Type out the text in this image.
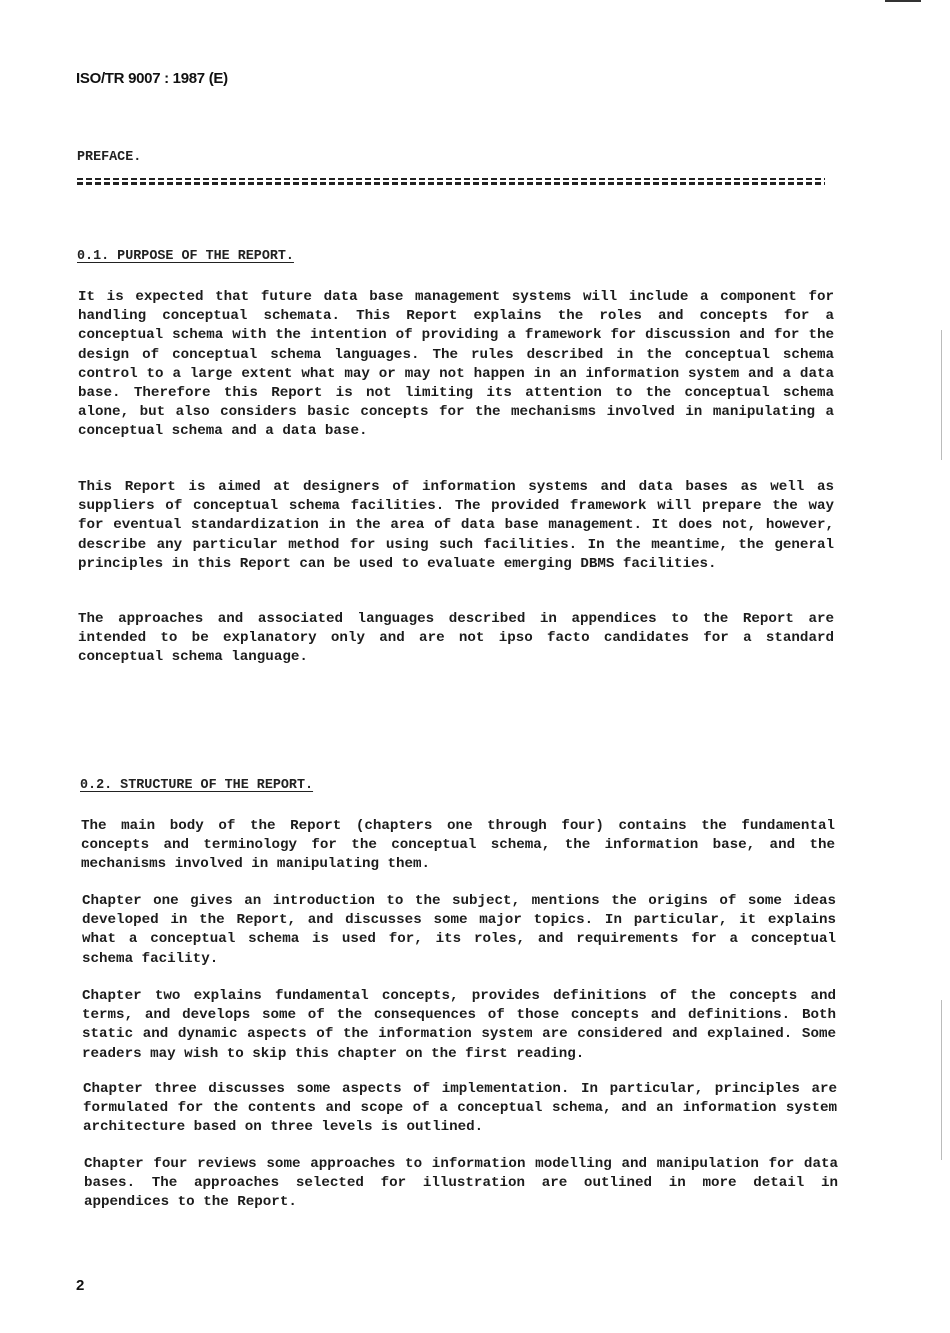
ISO/TR 9007 : 1987 (E)
PREFACE.
0.1. PURPOSE OF THE REPORT.

It is expected that future data base management systems will include a component for handling conceptual schemata. This Report explains the roles and concepts for a conceptual schema with the intention of providing a framework for discussion and for the design of conceptual schema languages. The rules described in the conceptual schema control to a large extent what may or may not happen in an information system and a data base. Therefore this Report is not limiting its attention to the conceptual schema alone, but also considers basic concepts for the mechanisms involved in manipulating a conceptual schema and a data base.

This Report is aimed at designers of information systems and data bases as well as suppliers of conceptual schema facilities. The provided framework will prepare the way for eventual standardization in the area of data base management. It does not, however, describe any particular method for using such facilities. In the meantime, the general principles in this Report can be used to evaluate emerging DBMS facilities.

The approaches and associated languages described in appendices to the Report are intended to be explanatory only and are not ipso facto candidates for a standard conceptual schema language.

0.2. STRUCTURE OF THE REPORT.

The main body of the Report (chapters one through four) contains the fundamental concepts and terminology for the conceptual schema, the information base, and the mechanisms involved in manipulating them.

Chapter one gives an introduction to the subject, mentions the origins of some ideas developed in the Report, and discusses some major topics. In particular, it explains what a conceptual schema is used for, its roles, and requirements for a conceptual schema facility.

Chapter two explains fundamental concepts, provides definitions of the concepts and terms, and develops some of the consequences of those concepts and definitions. Both static and dynamic aspects of the information system are considered and explained. Some readers may wish to skip this chapter on the first reading.

Chapter three discusses some aspects of implementation. In particular, principles are formulated for the contents and scope of a conceptual schema, and an information system architecture based on three levels is outlined.

Chapter four reviews some approaches to information modelling and manipulation for data bases. The approaches selected for illustration are outlined in more detail in appendices to the Report.

2
